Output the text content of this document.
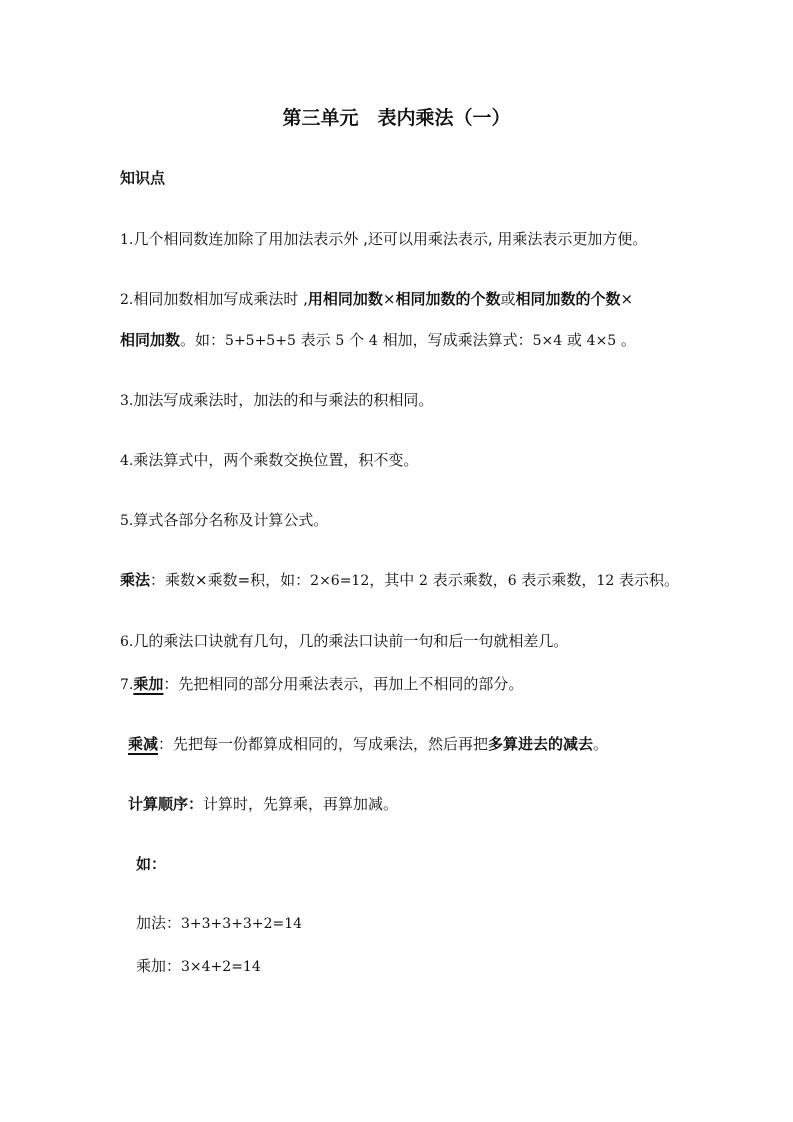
第三单元　表内乘法（一）
知识点
1.几个相同数连加除了用加法表示外 ,还可以用乘法表示, 用乘法表示更加方便。
2.相同加数相加写成乘法时 ,用相同加数×相同加数的个数或相同加数的个数×
相同加数。如：5+5+5+5 表示 5 个 4 相加，写成乘法算式：5×4 或 4×5 。
3.加法写成乘法时，加法的和与乘法的积相同。
4.乘法算式中，两个乘数交换位置，积不变。
5.算式各部分名称及计算公式。
乘法：乘数×乘数=积，如：2×6=12，其中 2 表示乘数，6 表示乘数，12 表示积。
6.几的乘法口诀就有几句，几的乘法口诀前一句和后一句就相差几。
7.乘加：先把相同的部分用乘法表示，再加上不相同的部分。
乘减：先把每一份都算成相同的，写成乘法，然后再把多算进去的减去。
计算顺序：计算时，先算乘，再算加减。
如：
加法：3+3+3+3+2=14
乘加：3×4+2=14
